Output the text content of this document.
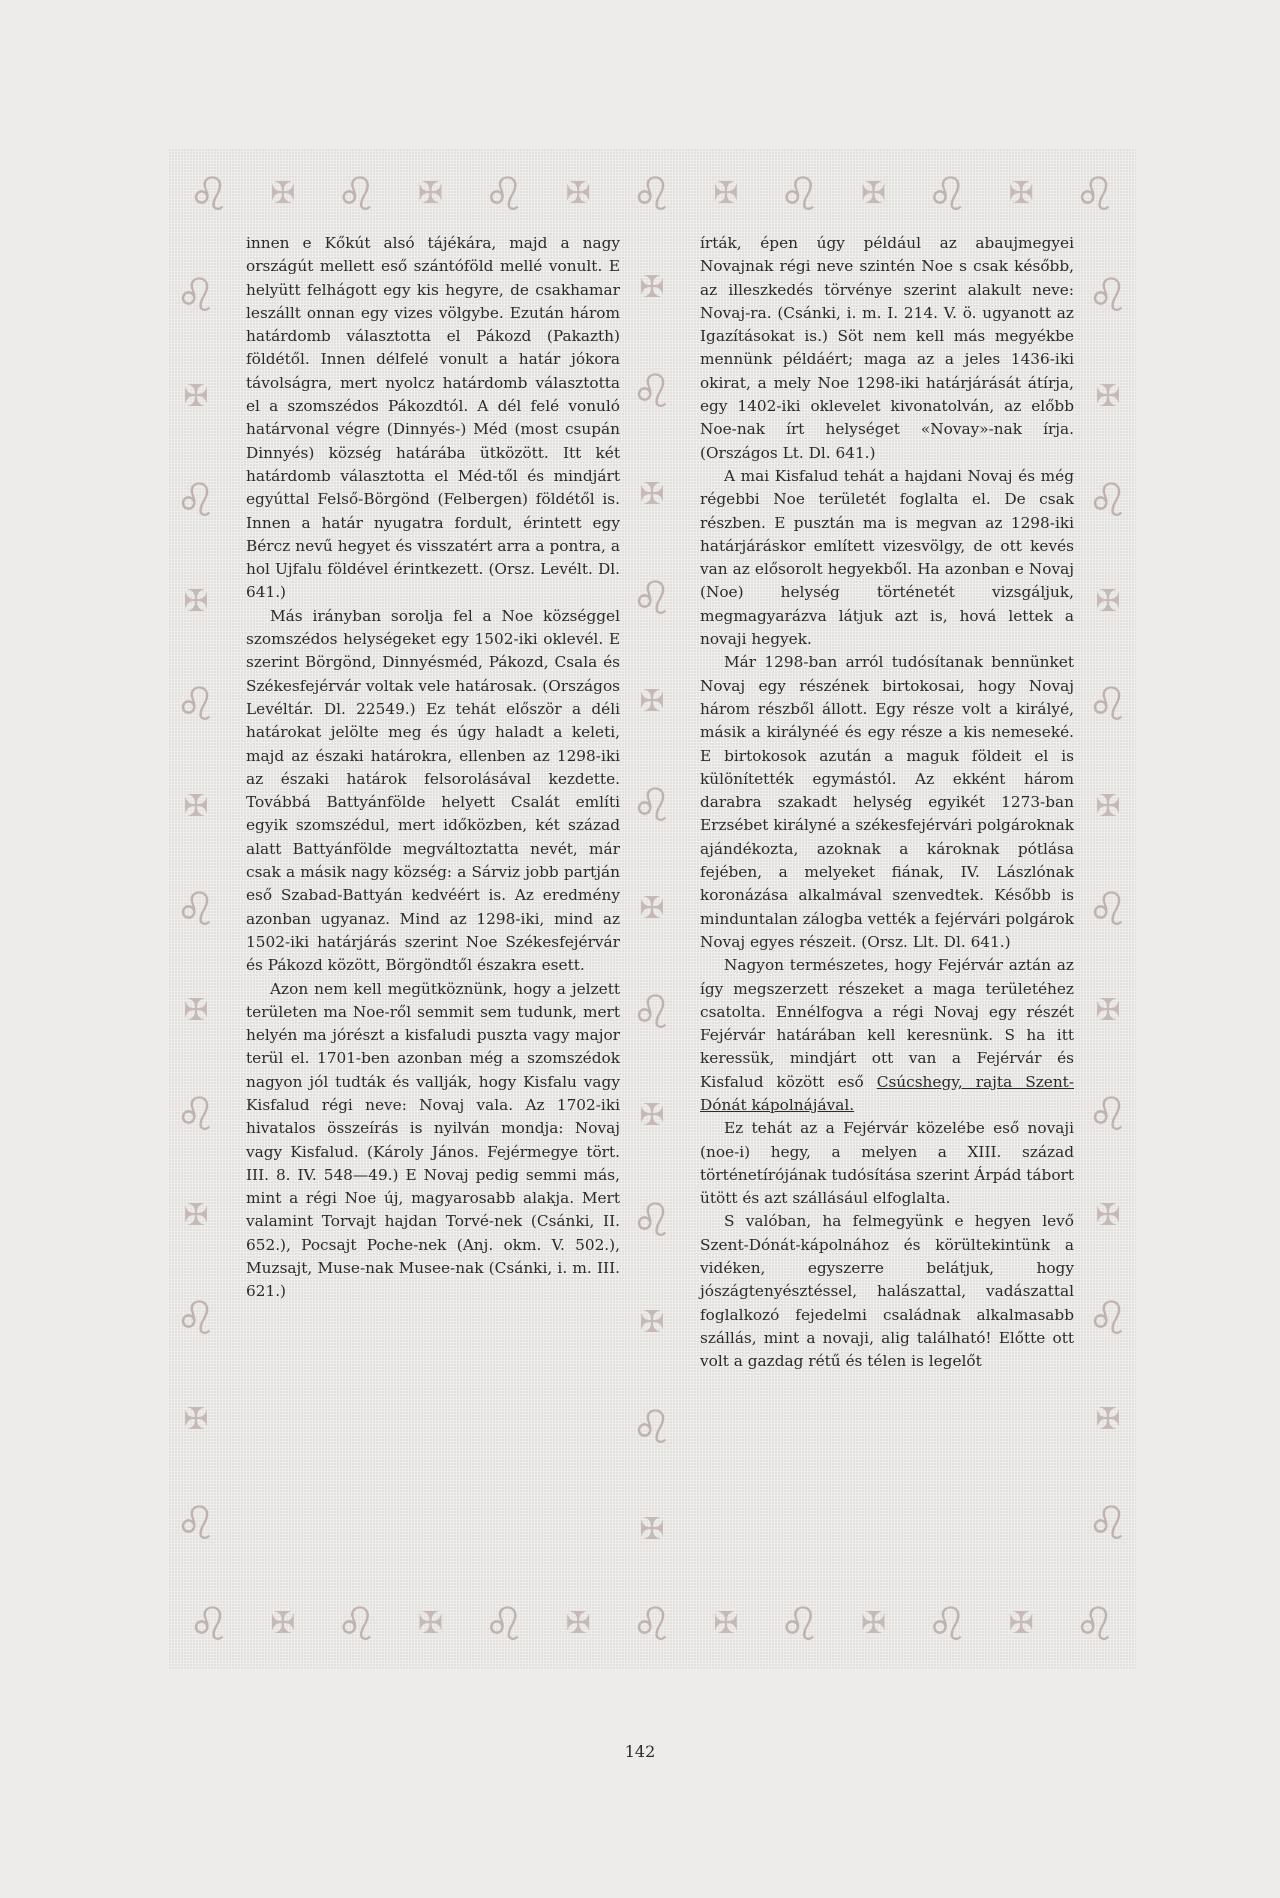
♌ ✠ ♌ ✠ ♌ ✠ ♌ ✠ ♌ ✠ ♌ ✠ ♌
♌
✠
♌
✠
♌
✠
♌
✠
♌
✠
♌
✠
♌
✠
♌
✠
♌
✠
♌
✠
♌
✠
♌
✠
♌
✠
♌
✠
♌
✠
♌
✠
♌
✠
♌
✠
♌
✠
♌
♌ ✠ ♌ ✠ ♌ ✠ ♌ ✠ ♌ ✠ ♌ ✠ ♌

innen e Kőkút alsó tájékára, majd a nagy országút mellett eső szántóföld mellé vonult. E helyütt felhágott egy kis hegyre, de csakhamar leszállt onnan egy vizes völgybe. Ezután három határdomb választotta el Pákozd (Pakazth) földétől. Innen délfelé vonult a határ jókora távolságra, mert nyolcz határdomb választotta el a szomszédos Pákozdtól. A dél felé vonuló határvonal végre (Dinnyés-) Méd (most csupán Dinnyés) község határába ütközött. Itt két határdomb választotta el Méd-től és mindjárt egyúttal Felső-Börgönd (Felbergen) földétől is. Innen a határ nyugatra fordult, érintett egy Bércz nevű hegyet és visszatért arra a pontra, a hol Ujfalu földével érintkezett. (Orsz. Levélt. Dl. 641.)

Más irányban sorolja fel a Noe községgel szomszédos helységeket egy 1502-iki oklevél. E szerint Börgönd, Dinnyésméd, Pákozd, Csala és Székesfejérvár voltak vele határosak. (Országos Levéltár. Dl. 22549.) Ez tehát először a déli határokat jelölte meg és úgy haladt a keleti, majd az északi határokra, ellenben az 1298-iki az északi határok felsorolásával kezdette. Továbbá Battyánfölde helyett Csalát említi egyik szomszédul, mert időközben, két század alatt Battyánfölde megváltoztatta nevét, már csak a másik nagy község: a Sárviz jobb partján eső Szabad-Battyán kedvéért is. Az eredmény azonban ugyanaz. Mind az 1298-iki, mind az 1502-iki határjárás szerint Noe Székesfejérvár és Pákozd között, Börgöndtől északra esett.

Azon nem kell megütköznünk, hogy a jelzett területen ma Noe-ről semmit sem tudunk, mert helyén ma jórészt a kisfaludi puszta vagy major terül el. 1701-ben azonban még a szomszédok nagyon jól tudták és vallják, hogy Kisfalu vagy Kisfalud régi neve: Novaj vala. Az 1702-iki hivatalos összeírás is nyilván mondja: Novaj vagy Kisfalud. (Károly János. Fejérmegye tört. III. 8. IV. 548—49.) E Novaj pedig semmi más, mint a régi Noe új, magyarosabb alakja. Mert valamint Torvajt hajdan Torvé-nek (Csánki, II. 652.), Pocsajt Poche-nek (Anj. okm. V. 502.), Muzsajt, Muse-nak Musee-nak (Csánki, i. m. III. 621.)

írták, épen úgy például az abaujmegyei Novajnak régi neve szintén Noe s csak később, az illeszkedés törvénye szerint alakult neve: Novaj-ra. (Csánki, i. m. I. 214. V. ö. ugyanott az Igazításokat is.) Söt nem kell más megyékbe mennünk példáért; maga az a jeles 1436-iki okirat, a mely Noe 1298-iki határjárását átírja, egy 1402-iki oklevelet kivonatolván, az előbb Noe-nak írt helységet «Novay»-nak írja. (Országos Lt. Dl. 641.)

A mai Kisfalud tehát a hajdani Novaj és még régebbi Noe területét foglalta el. De csak részben. E pusztán ma is megvan az 1298-iki határjáráskor említett vizesvölgy, de ott kevés van az elősorolt hegyekből. Ha azonban e Novaj (Noe) helység történetét vizsgáljuk, megmagyarázva látjuk azt is, hová lettek a novaji hegyek.

Már 1298-ban arról tudósítanak bennünket Novaj egy részének birtokosai, hogy Novaj három részből állott. Egy része volt a királyé, másik a királynéé és egy része a kis nemeseké. E birtokosok azután a maguk földeit el is különítették egymástól. Az ekként három darabra szakadt helység egyikét 1273-ban Erzsébet királyné a székesfejérvári polgároknak ajándékozta, azoknak a károknak pótlása fejében, a melyeket fiának, IV. Lászlónak koronázása alkalmával szenvedtek. Később is minduntalan zálogba vették a fejérvári polgárok Novaj egyes részeit. (Orsz. Llt. Dl. 641.)

Nagyon természetes, hogy Fejérvár aztán az így megszerzett részeket a maga területéhez csatolta. Ennélfogva a régi Novaj egy részét Fejérvár határában kell keresnünk. S ha itt keressük, mindjárt ott van a Fejérvár és Kisfalud között eső Csúcshegy, rajta Szent-Dónát kápolnájával.

Ez tehát az a Fejérvár közelébe eső novaji (noe-i) hegy, a melyen a XIII. század történetírójának tudósítása szerint Árpád tábort ütött és azt szállásául elfoglalta.

S valóban, ha felmegyünk e hegyen levő Szent-Dónát-kápolnához és körültekintünk a vidéken, egyszerre belátjuk, hogy jószágtenyésztéssel, halászattal, vadászattal foglalkozó fejedelmi családnak alkalmasabb szállás, mint a novaji, alig található! Előtte ott volt a gazdag rétű és télen is legelőt

142
